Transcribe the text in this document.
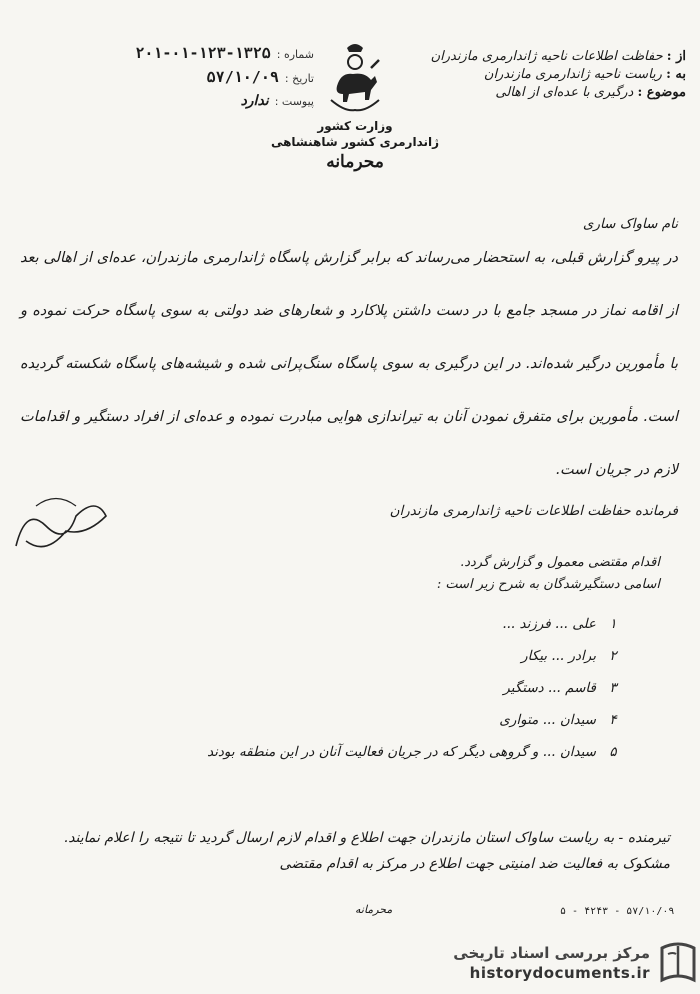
شماره :
۲۰۱-۰۱-۱۲۳-۱۳۲۵
تاریخ :
۵۷/۱۰/۰۹
پیوست :
ندارد
وزارت کشور
ژاندارمری کشور شاهنشاهی
محرمانه
از : حفاظت اطلاعات ناحیه ژاندارمری مازندران
به : ریاست ناحیه ژاندارمری مازندران
موضوع : درگیری با عده‌ای از اهالی
نام ساواک ساری

در پیرو گزارش قبلی، به استحضار می‌رساند که برابر گزارش پاسگاه ژاندارمری مازندران، عده‌ای از اهالی بعد از اقامه نماز در مسجد جامع با در دست داشتن پلاکارد و شعارهای ضد دولتی به سوی پاسگاه حرکت نموده و با مأمورین درگیر شده‌اند. در این درگیری به سوی پاسگاه سنگ‌پرانی شده و شیشه‌های پاسگاه شکسته گردیده است. مأمورین برای متفرق نمودن آنان به تیراندازی هوایی مبادرت نموده و عده‌ای از افراد دستگیر و اقدامات لازم در جریان است.

فرمانده حفاظت اطلاعات ناحیه ژاندارمری مازندران
اقدام مقتضی معمول و گزارش گردد.
اسامی دستگیرشدگان به شرح زیر است :
۱
علی ... فرزند ...
۲
برادر ... بیکار
۳
قاسم ... دستگیر
۴
سیدان ... متواری
۵
سیدان ... و گروهی دیگر که در جریان فعالیت آنان در این منطقه بودند

تیرمنده - به ریاست ساواک استان مازندران جهت اطلاع و اقدام لازم ارسال گردید تا نتیجه را اعلام نمایند.

مشکوک به فعالیت ضد امنیتی جهت اطلاع در مرکز به اقدام مقتضی

محرمانه	۵۷/۱۰/۰۹ - ۴۲۴۳ - ۵
مرکز بررسی اسناد تاریخی
historydocuments.ir
